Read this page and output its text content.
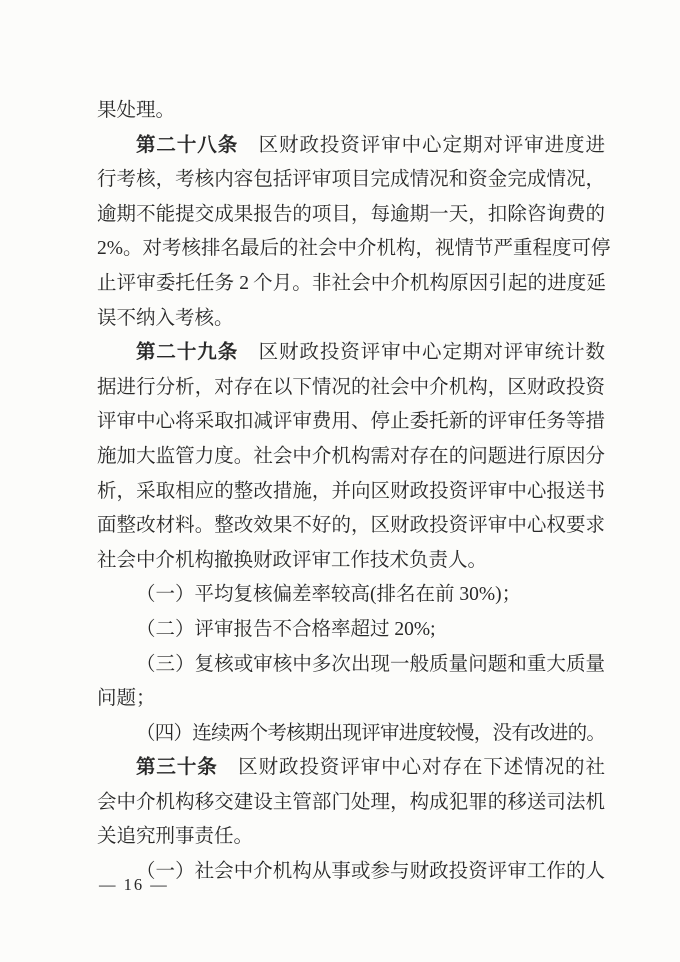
果处理。
第二十八条　区财政投资评审中心定期对评审进度进
行考核，考核内容包括评审项目完成情况和资金完成情况，
逾期不能提交成果报告的项目，每逾期一天，扣除咨询费的
2%。对考核排名最后的社会中介机构，视情节严重程度可停
止评审委托任务 2 个月。非社会中介机构原因引起的进度延
误不纳入考核。
第二十九条　区财政投资评审中心定期对评审统计数
据进行分析，对存在以下情况的社会中介机构，区财政投资
评审中心将采取扣减评审费用、停止委托新的评审任务等措
施加大监管力度。社会中介机构需对存在的问题进行原因分
析，采取相应的整改措施，并向区财政投资评审中心报送书
面整改材料。整改效果不好的，区财政投资评审中心权要求
社会中介机构撤换财政评审工作技术负责人。
（一）平均复核偏差率较高(排名在前 30%)；
（二）评审报告不合格率超过 20%;
（三）复核或审核中多次出现一般质量问题和重大质量
问题；
（四）连续两个考核期出现评审进度较慢，没有改进的。
第三十条　区财政投资评审中心对存在下述情况的社
会中介机构移交建设主管部门处理，构成犯罪的移送司法机
关追究刑事责任。
（一）社会中介机构从事或参与财政投资评审工作的人
— 16 —
